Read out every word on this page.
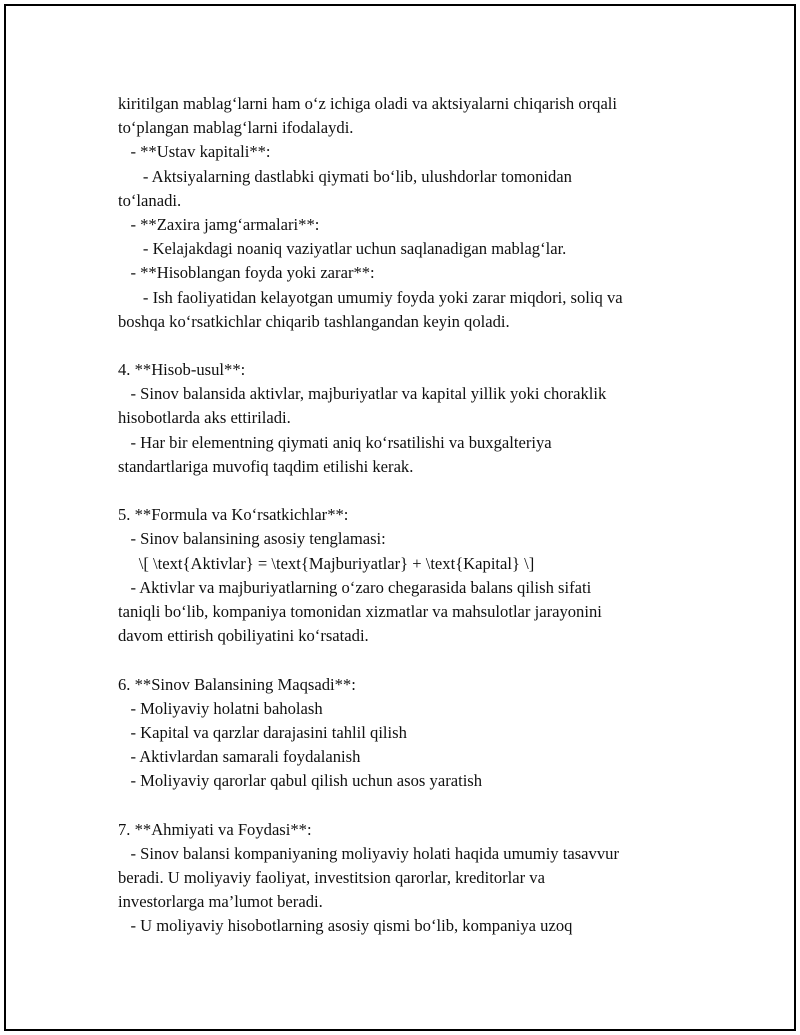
kiritilgan mablag‘larni ham o‘z ichiga oladi va aktsiyalarni chiqarish orqali
to‘plangan mablag‘larni ifodalaydi.
- **Ustav kapitali**:
- Aktsiyalarning dastlabki qiymati bo‘lib, ulushdorlar tomonidan
to‘lanadi.
- **Zaxira jamg‘armalari**:
- Kelajakdagi noaniq vaziyatlar uchun saqlanadigan mablag‘lar.
- **Hisoblangan foyda yoki zarar**:
- Ish faoliyatidan kelayotgan umumiy foyda yoki zarar miqdori, soliq va
boshqa ko‘rsatkichlar chiqarib tashlangandan keyin qoladi.
4. **Hisob-usul**:
- Sinov balansida aktivlar, majburiyatlar va kapital yillik yoki choraklik
hisobotlarda aks ettiriladi.
- Har bir elementning qiymati aniq ko‘rsatilishi va buxgalteriya
standartlariga muvofiq taqdim etilishi kerak.
5. **Formula va Ko‘rsatkichlar**:
- Sinov balansining asosiy tenglamasi:
\[ \text{Aktivlar} = \text{Majburiyatlar} + \text{Kapital} \]
- Aktivlar va majburiyatlarning o‘zaro chegarasida balans qilish sifati
taniqli bo‘lib, kompaniya tomonidan xizmatlar va mahsulotlar jarayonini
davom ettirish qobiliyatini ko‘rsatadi.
6. **Sinov Balansining Maqsadi**:
- Moliyaviy holatni baholash
- Kapital va qarzlar darajasini tahlil qilish
- Aktivlardan samarali foydalanish
- Moliyaviy qarorlar qabul qilish uchun asos yaratish
7. **Ahmiyati va Foydasi**:
- Sinov balansi kompaniyaning moliyaviy holati haqida umumiy tasavvur
beradi. U moliyaviy faoliyat, investitsion qarorlar, kreditorlar va
investorlarga ma’lumot beradi.
- U moliyaviy hisobotlarning asosiy qismi bo‘lib, kompaniya uzoq
